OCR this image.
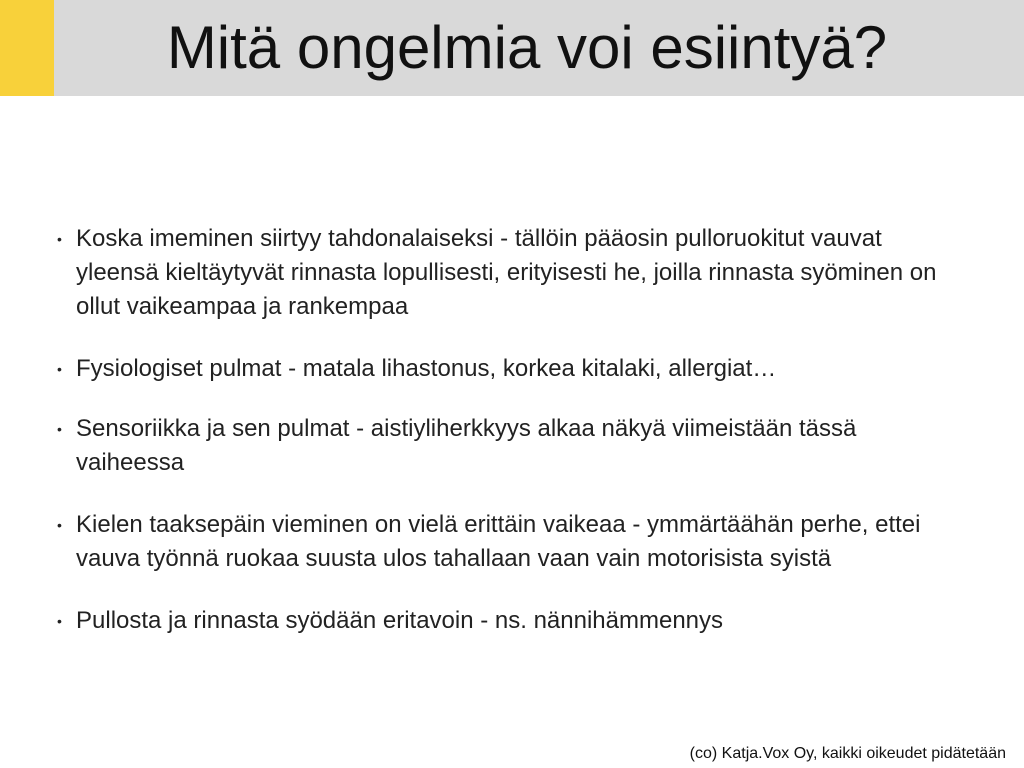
Mitä ongelmia voi esiintyä?
• Koska imeminen siirtyy tahdonalaiseksi - tällöin pääosin pulloruokitut vauvat yleensä kieltäytyvät rinnasta lopullisesti, erityisesti he, joilla rinnasta syöminen on ollut vaikeampaa ja rankempaa
• Fysiologiset pulmat - matala lihastonus, korkea kitalaki, allergiat…
• Sensoriikka ja sen pulmat - aistiyliherkkyys alkaa näkyä viimeistään tässä vaiheessa
• Kielen taaksepäin vieminen on vielä erittäin vaikeaa - ymmärtäähän perhe, ettei vauva työnnä ruokaa suusta ulos tahallaan vaan vain motorisista syistä
• Pullosta ja rinnasta syödään eritavoin - ns. nännihämmennys

(co) Katja.Vox Oy, kaikki oikeudet pidätetään
